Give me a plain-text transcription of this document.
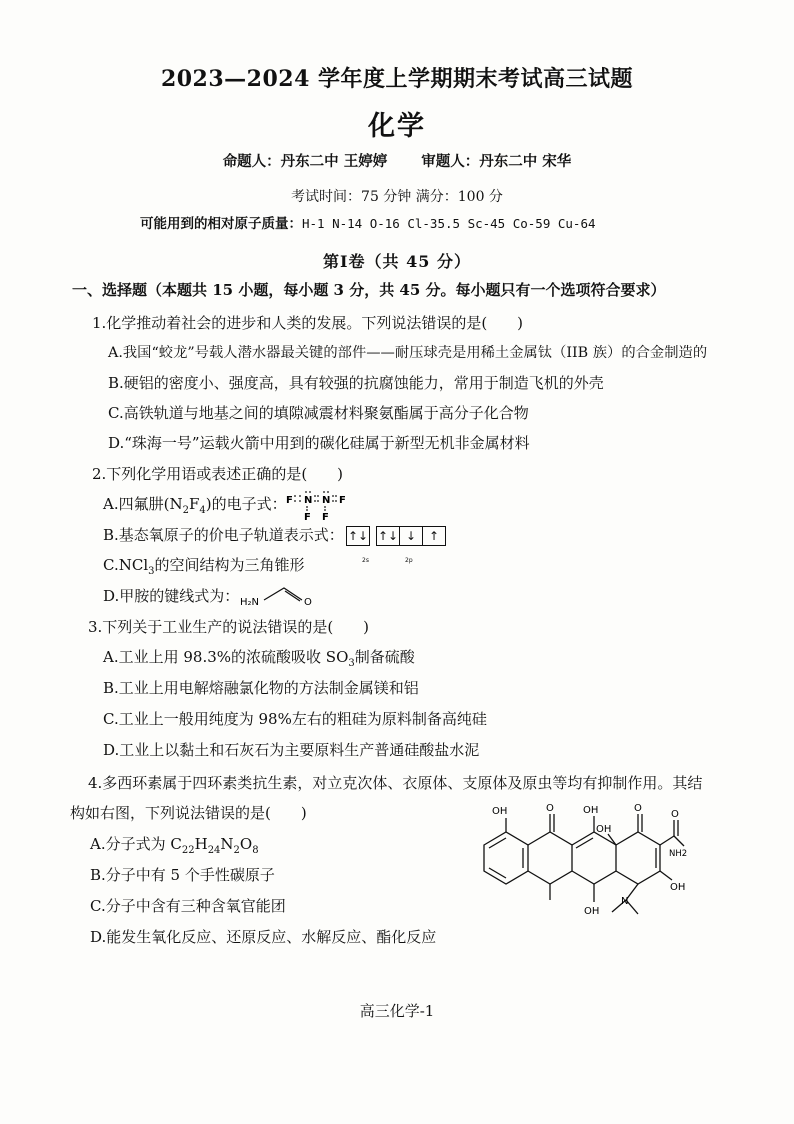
2023—2024 学年度上学期期末考试高三试题
化学
命题人：丹东二中 王婷婷 审题人：丹东二中 宋华
考试时间：75 分钟 满分：100 分
可能用到的相对原子质量：H-1 N-14 O-16 Cl-35.5 Sc-45 Co-59 Cu-64
第Ⅰ卷（共 45 分）
一、选择题（本题共 15 小题，每小题 3 分，共 45 分。每小题只有一个选项符合要求）
1.化学推动着社会的进步和人类的发展。下列说法错误的是(　　)
A.我国“蛟龙”号载人潜水器最关键的部件——耐压球壳是用稀土金属钛（IIB 族）的合金制造的
B.硬铝的密度小、强度高，具有较强的抗腐蚀能力，常用于制造飞机的外壳
C.高铁轨道与地基之间的填隙减震材料聚氨酯属于高分子化合物
D.“珠海一号”运载火箭中用到的碳化硅属于新型无机非金属材料
2.下列化学用语或表述正确的是(　　)
A.四氟肼$(N_2F_4)$的电子式： F N N F
F F
B.基态氧原子的价电子轨道表示式： ↑↓ ↑↓ ↓	↑
2s	2p
C.NCl$_3$的空间结构为三角锥形
D.甲胺的键线式为： H₂N	O
3.下列关于工业生产的说法错误的是(　　)
A.工业上用 98.3%的浓硫酸吸收 $SO_3$制备硫酸
B.工业上用电解熔融氯化物的方法制金属镁和铝
C.工业上一般用纯度为 98%左右的粗硅为原料制备高纯硅
D.工业上以黏土和石灰石为主要原料生产普通硅酸盐水泥
4.多西环素属于四环素类抗生素，对立克次体、衣原体、支原体及原虫等均有抑制作用。其结
构如右图，下列说法错误的是(　　)
A.分子式为 $C_{22}H_{24}N_2O_8$
B.分子中有 5 个手性碳原子
C.分子中含有三种含氧官能团
D.能发生氧化反应、还原反应、水解反应、酯化反应
OH	O	OH
OH
O
O
NH2
OH
OH
N
高三化学-1
